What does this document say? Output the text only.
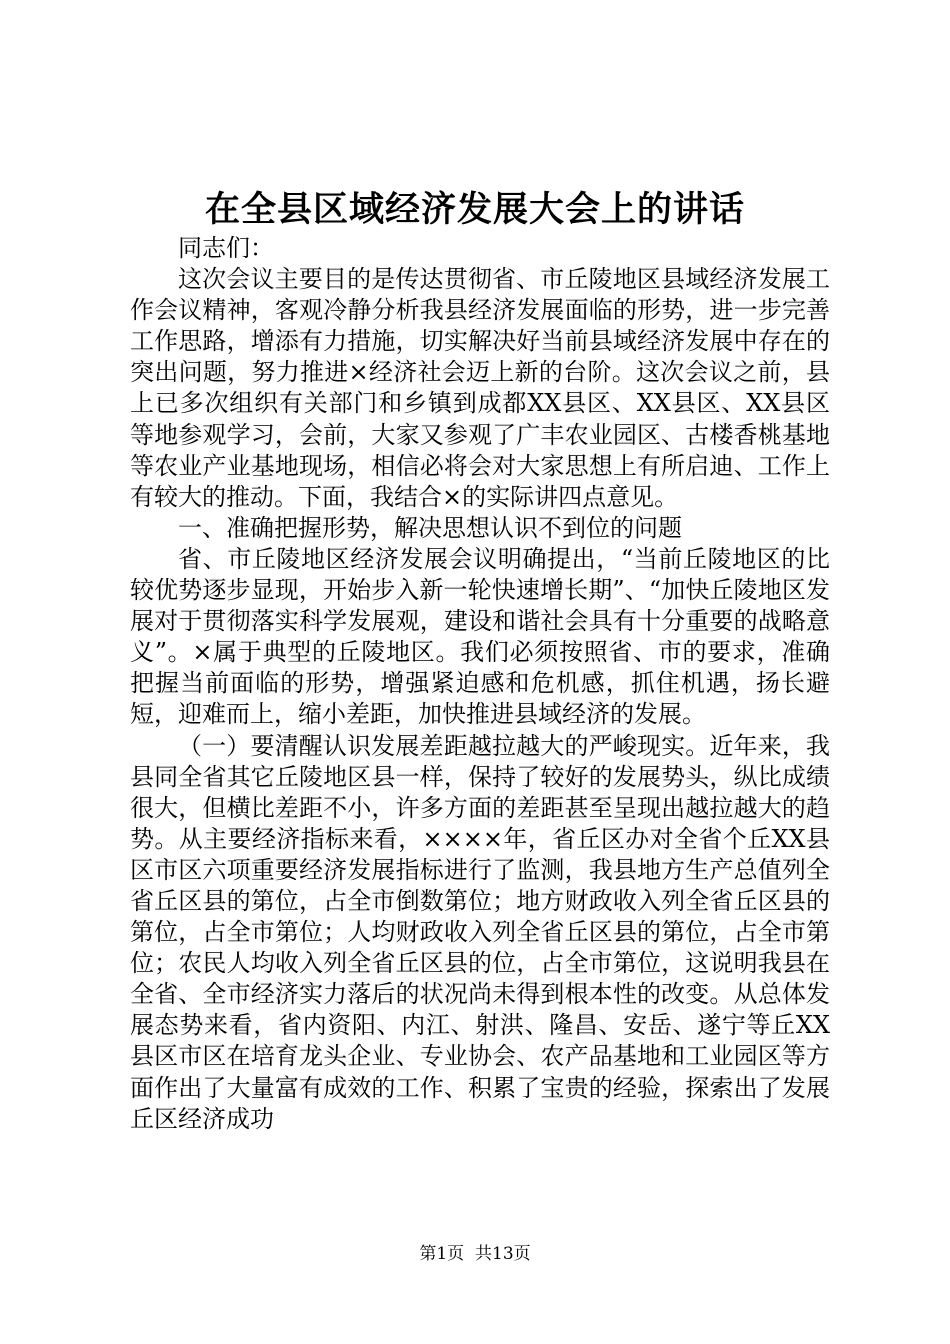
在全县区域经济发展大会上的讲话

同志们：

这次会议主要目的是传达贯彻省、市丘陵地区县域经济发展工作会议精神，客观冷静分析我县经济发展面临的形势，进一步完善工作思路，增添有力措施，切实解决好当前县域经济发展中存在的突出问题，努力推进×经济社会迈上新的台阶。这次会议之前，县上已多次组织有关部门和乡镇到成都XX县区、XX县区、XX县区等地参观学习，会前，大家又参观了广丰农业园区、古楼香桃基地等农业产业基地现场，相信必将会对大家思想上有所启迪、工作上有较大的推动。下面，我结合×的实际讲四点意见。

一、准确把握形势，解决思想认识不到位的问题

省、市丘陵地区经济发展会议明确提出，“当前丘陵地区的比较优势逐步显现，开始步入新一轮快速增长期”、“加快丘陵地区发展对于贯彻落实科学发展观，建设和谐社会具有十分重要的战略意义”。×属于典型的丘陵地区。我们必须按照省、市的要求，准确把握当前面临的形势，增强紧迫感和危机感，抓住机遇，扬长避短，迎难而上，缩小差距，加快推进县域经济的发展。

（一）要清醒认识发展差距越拉越大的严峻现实。近年来，我县同全省其它丘陵地区县一样，保持了较好的发展势头，纵比成绩很大，但横比差距不小，许多方面的差距甚至呈现出越拉越大的趋势。从主要经济指标来看，××××年，省丘区办对全省个丘XX县区市区六项重要经济发展指标进行了监测，我县地方生产总值列全省丘区县的第位，占全市倒数第位；地方财政收入列全省丘区县的第位，占全市第位；人均财政收入列全省丘区县的第位，占全市第位；农民人均收入列全省丘区县的位，占全市第位，这说明我县在全省、全市经济实力落后的状况尚未得到根本性的改变。从总体发展态势来看，省内资阳、内江、射洪、隆昌、安岳、遂宁等丘XX县区市区在培育龙头企业、专业协会、农产品基地和工业园区等方面作出了大量富有成效的工作、积累了宝贵的经验，探索出了发展丘区经济成功

第1页 共13页
